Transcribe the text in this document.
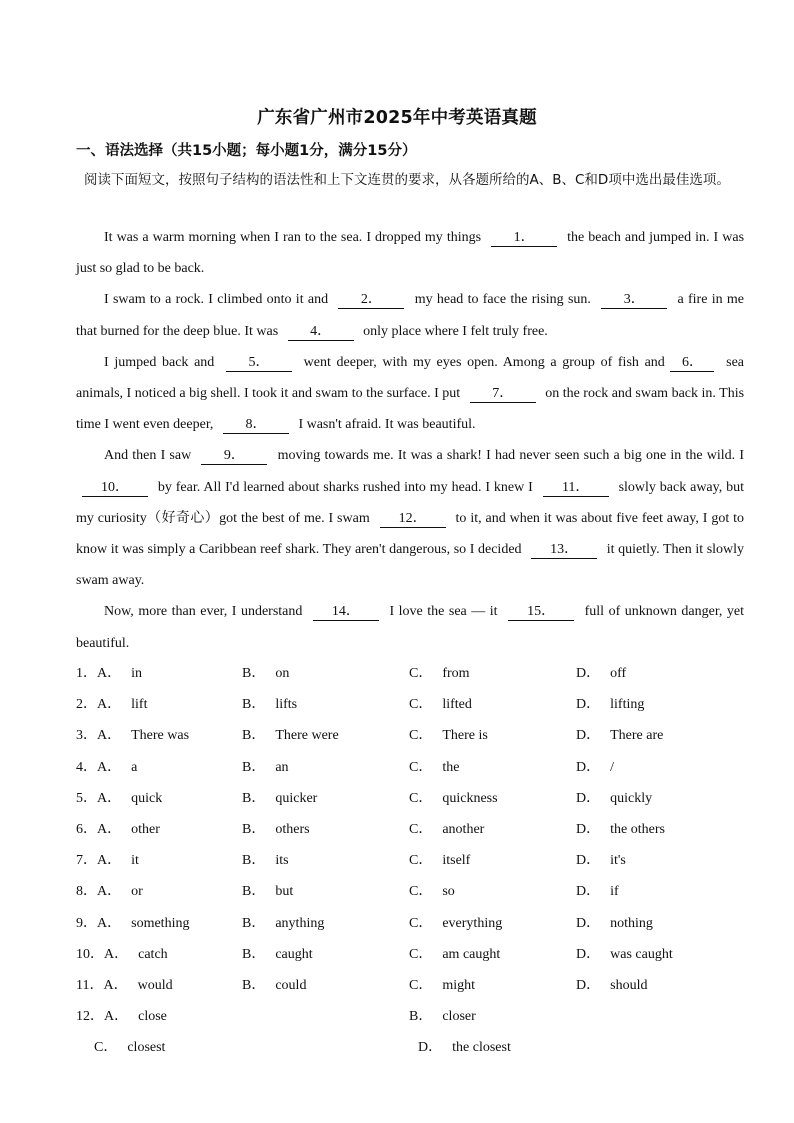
广东省广州市2025年中考英语真题
一、语法选择（共15小题；每小题1分，满分15分）
阅读下面短文，按照句子结构的语法性和上下文连贯的要求，从各题所给的A、B、C和D项中选出最佳选项。

It was a warm morning when I ran to the sea. I dropped my things 1． the beach and jumped in. I was just so glad to be back.

I swam to a rock. I climbed onto it and 2． my head to face the rising sun. 3． a fire in me that burned for the deep blue. It was 4． only place where I felt truly free.

I jumped back and 5． went deeper, with my eyes open. Among a group of fish and 6． sea animals, I noticed a big shell. I took it and swam to the surface. I put 7． on the rock and swam back in. This time I went even deeper, 8． I wasn't afraid. It was beautiful.

And then I saw 9． moving towards me. It was a shark! I had never seen such a big one in the wild. I 10． by fear. All I'd learned about sharks rushed into my head. I knew I 11． slowly back away, but my curiosity（好奇心）got the best of me. I swam 12． to it, and when it was about five feet away, I got to know it was simply a Caribbean reef shark. They aren't dangerous, so I decided 13． it quietly. Then it slowly swam away.

Now, more than ever, I understand 14． I love the sea — it 15． full of unknown danger, yet beautiful.

1．A． in	B． on	C． from	D． off
2．A． lift	B． lifts	C． lifted	D． lifting
3．A． There was	B． There were	C． There is	D． There are
4．A． a	B． an	C． the	D． /
5．A． quick	B． quicker	C． quickness	D． quickly
6．A． other	B． others	C． another	D． the others
7．A． it	B． its	C． itself	D． it's
8．A． or	B． but	C． so	D． if
9．A． something	B． anything	C． everything	D． nothing
10．A． catch	B． caught	C． am caught	D． was caught
11．A． would	B． could	C． might	D． should
12．A． close	B． closer
C． closest	D． the closest
